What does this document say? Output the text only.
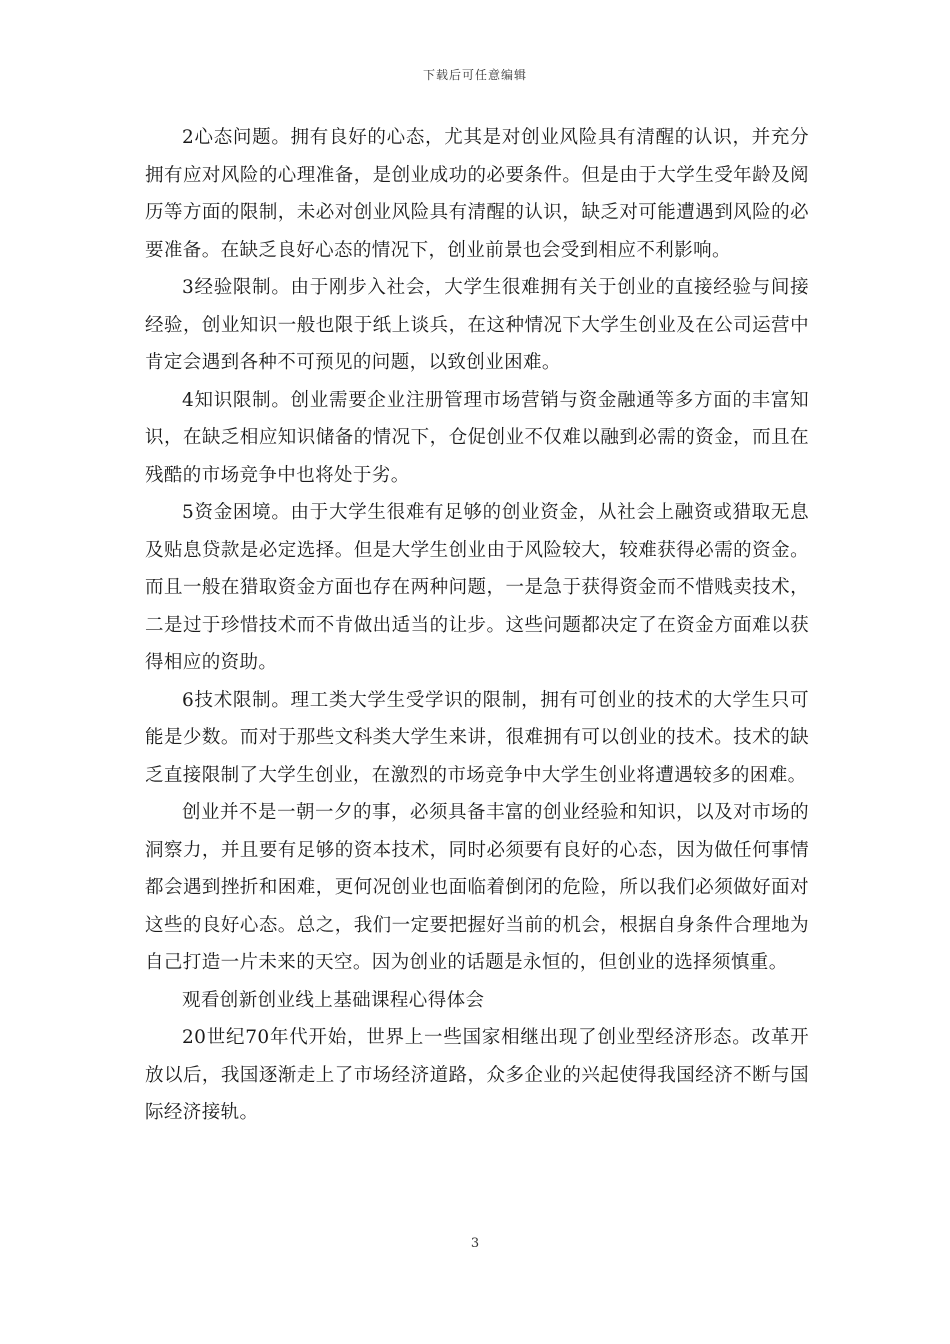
下载后可任意编辑

2心态问题。拥有良好的心态，尤其是对创业风险具有清醒的认识，并充分拥有应对风险的心理准备，是创业成功的必要条件。但是由于大学生受年龄及阅历等方面的限制，未必对创业风险具有清醒的认识，缺乏对可能遭遇到风险的必要准备。在缺乏良好心态的情况下，创业前景也会受到相应不利影响。

3经验限制。由于刚步入社会，大学生很难拥有关于创业的直接经验与间接经验，创业知识一般也限于纸上谈兵，在这种情况下大学生创业及在公司运营中肯定会遇到各种不可预见的问题，以致创业困难。

4知识限制。创业需要企业注册管理市场营销与资金融通等多方面的丰富知识，在缺乏相应知识储备的情况下，仓促创业不仅难以融到必需的资金，而且在残酷的市场竞争中也将处于劣。

5资金困境。由于大学生很难有足够的创业资金，从社会上融资或猎取无息及贴息贷款是必定选择。但是大学生创业由于风险较大，较难获得必需的资金。而且一般在猎取资金方面也存在两种问题，一是急于获得资金而不惜贱卖技术，二是过于珍惜技术而不肯做出适当的让步。这些问题都决定了在资金方面难以获得相应的资助。

6技术限制。理工类大学生受学识的限制，拥有可创业的技术的大学生只可能是少数。而对于那些文科类大学生来讲，很难拥有可以创业的技术。技术的缺乏直接限制了大学生创业，在激烈的市场竞争中大学生创业将遭遇较多的困难。

创业并不是一朝一夕的事，必须具备丰富的创业经验和知识，以及对市场的洞察力，并且要有足够的资本技术，同时必须要有良好的心态，因为做任何事情都会遇到挫折和困难，更何况创业也面临着倒闭的危险，所以我们必须做好面对这些的良好心态。总之，我们一定要把握好当前的机会，根据自身条件合理地为自己打造一片未来的天空。因为创业的话题是永恒的，但创业的选择须慎重。

观看创新创业线上基础课程心得体会

20世纪70年代开始，世界上一些国家相继出现了创业型经济形态。改革开放以后，我国逐渐走上了市场经济道路，众多企业的兴起使得我国经济不断与国际经济接轨。

3
